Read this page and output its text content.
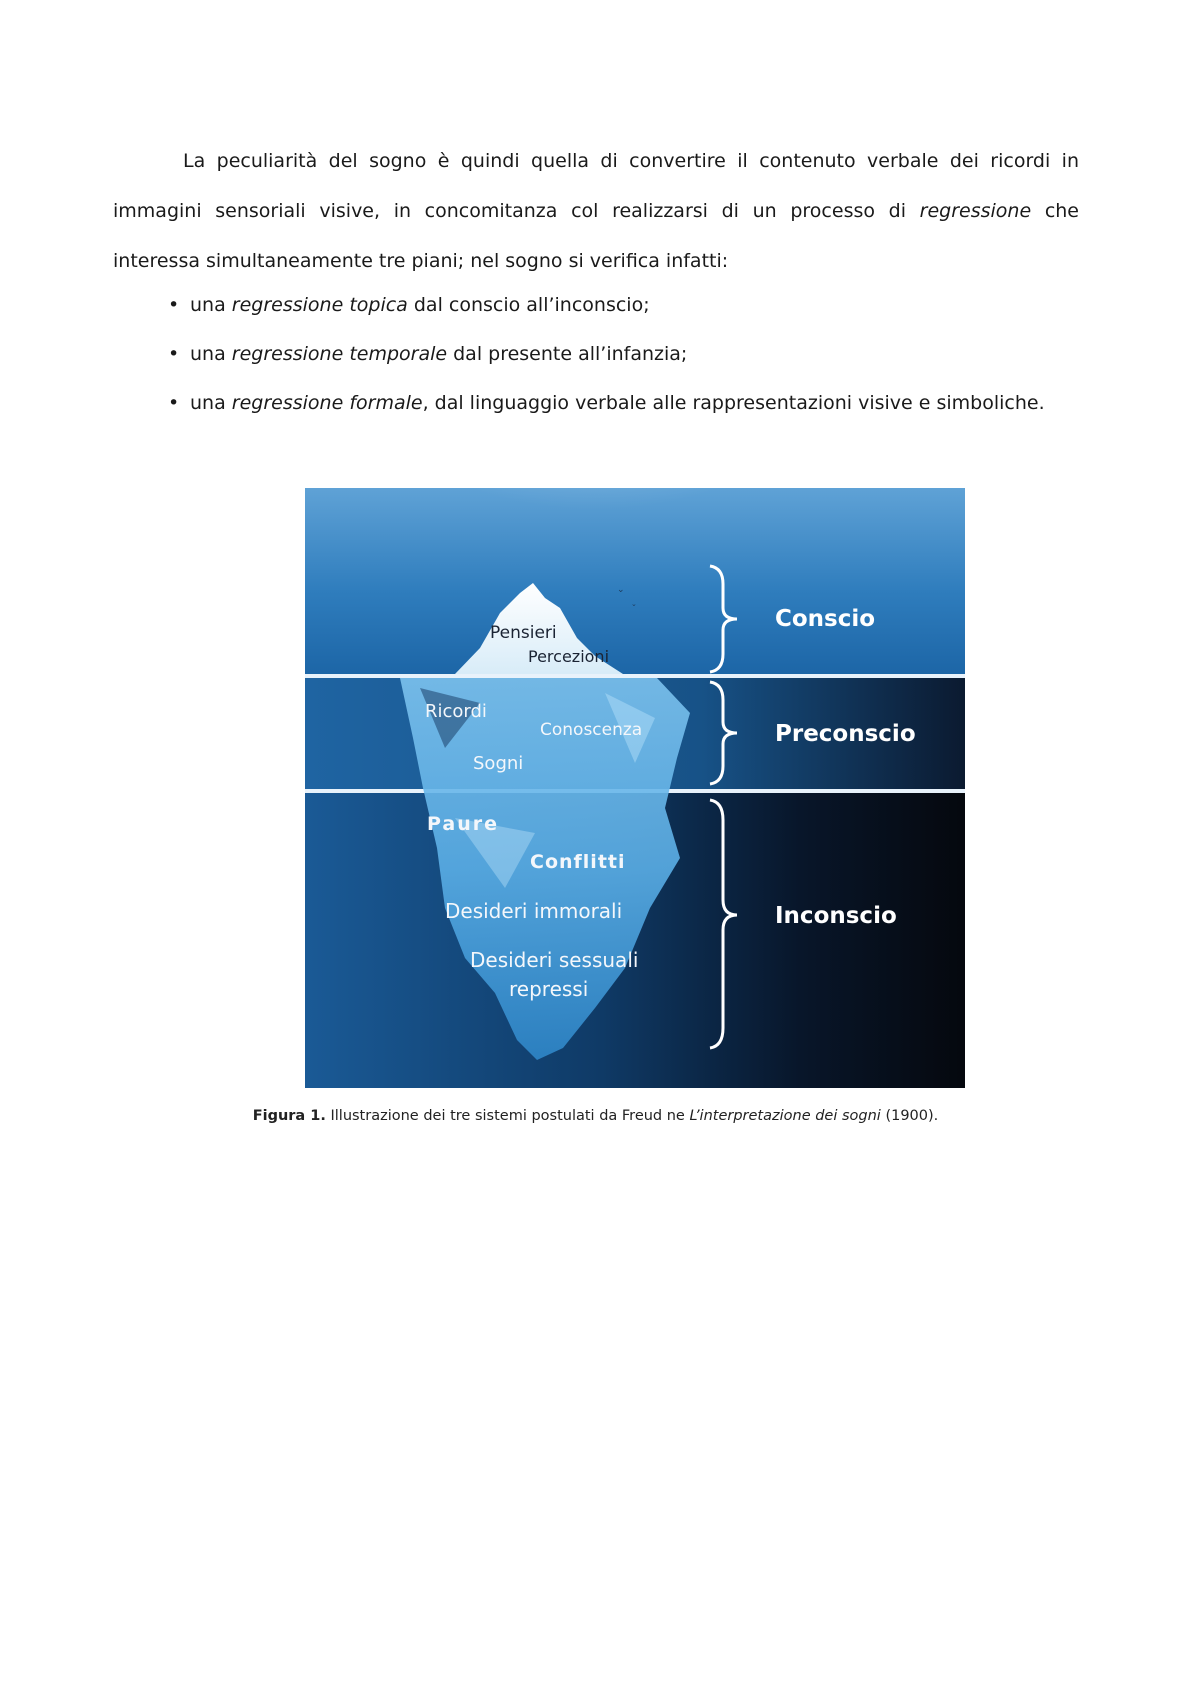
La peculiarità del sogno è quindi quella di convertire il contenuto verbale dei ricordi in immagini sensoriali visive, in concomitanza col realizzarsi di un processo di regressione che interessa simultaneamente tre piani; nel sogno si verifica infatti:

• una regressione topica dal conscio all’inconscio;
• una regressione temporale dal presente all’infanzia;
• una regressione formale, dal linguaggio verbale alle rappresentazioni visive e simboliche.
⌄
⌄
Conscio
Preconscio
Inconscio
Pensieri
Percezioni
Ricordi
Conoscenza
Sogni
Paure
Conflitti
Desideri immorali
Desideri sessuali
repressi
Figura 1. Illustrazione dei tre sistemi postulati da Freud ne L’interpretazione dei sogni (1900).
